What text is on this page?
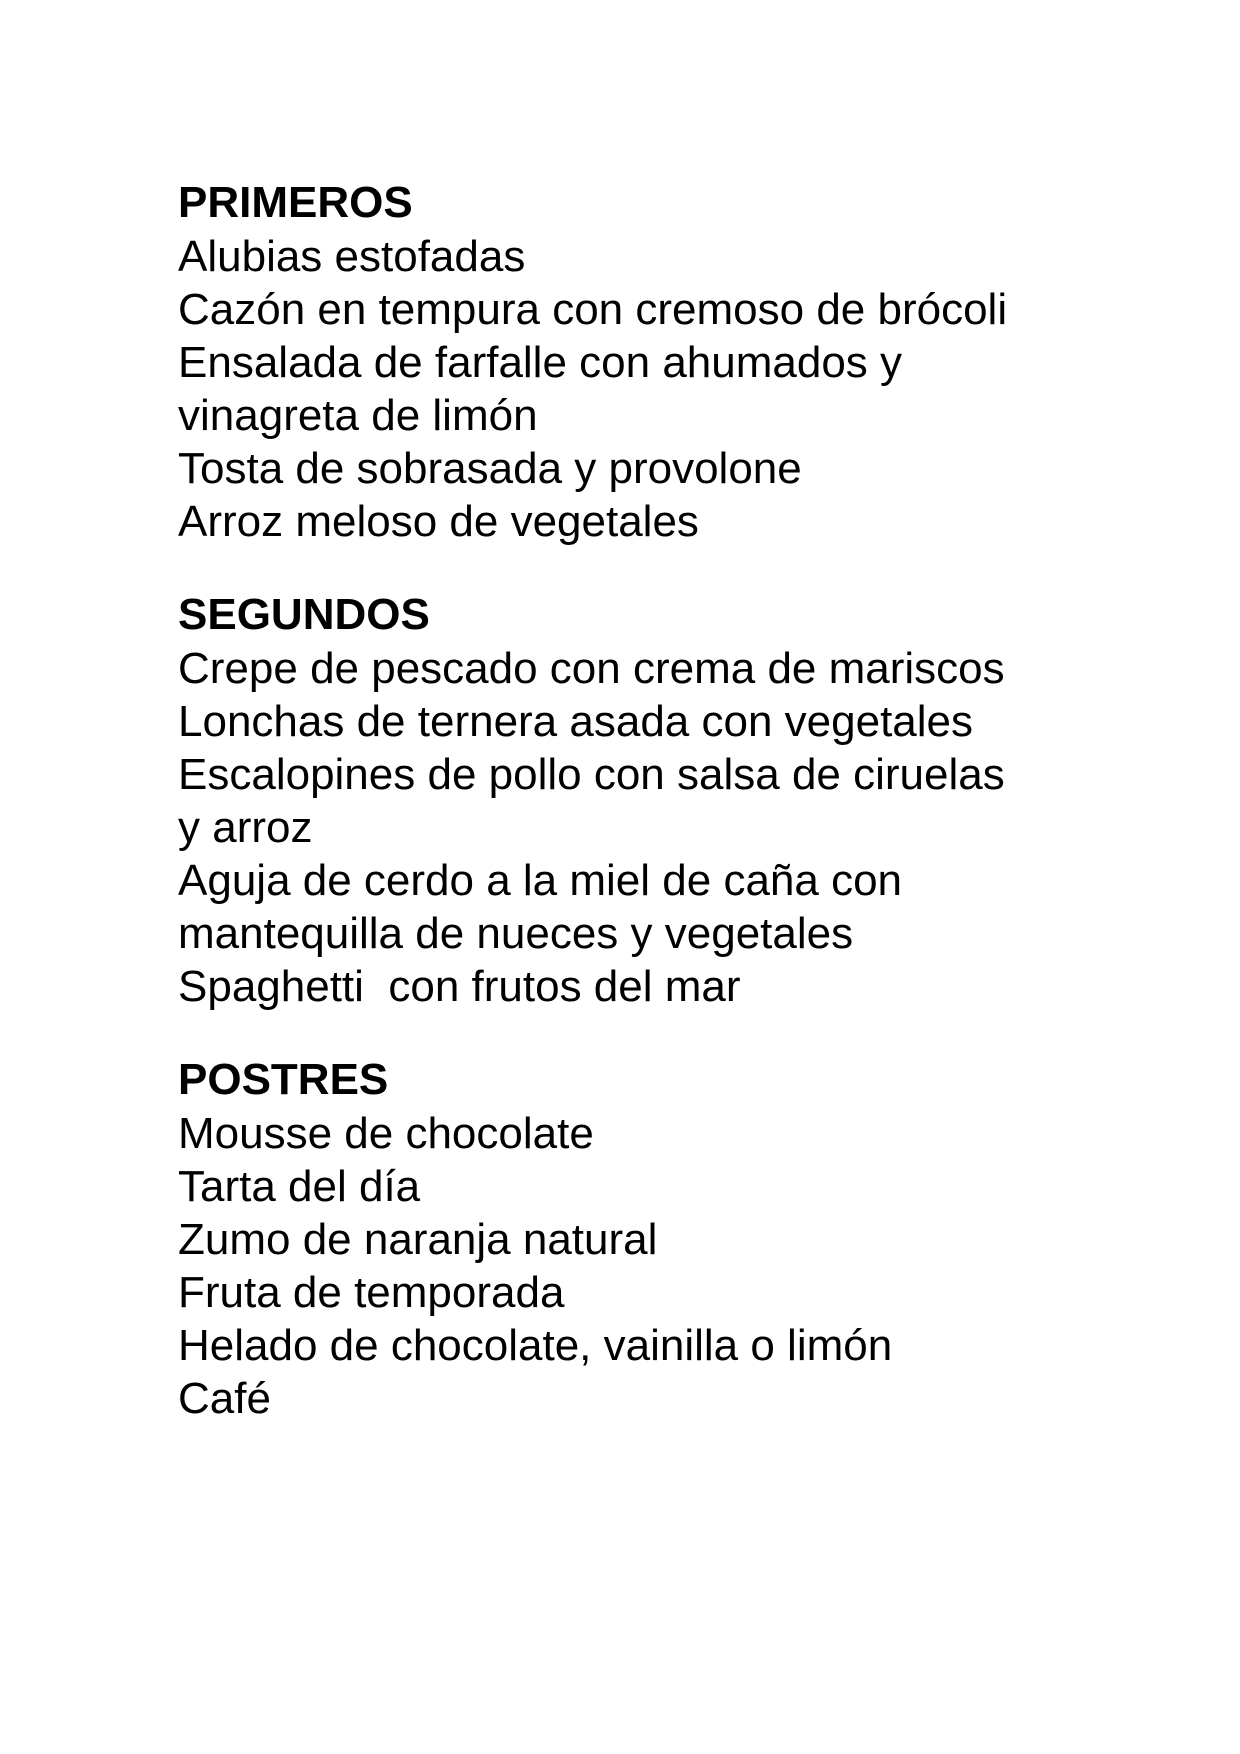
PRIMEROS

Alubias estofadas

Cazón en tempura con cremoso de brócoli

Ensalada de farfalle con ahumados y

vinagreta de limón

Tosta de sobrasada y provolone

Arroz meloso de vegetales

SEGUNDOS

Crepe de pescado con crema de mariscos

Lonchas de ternera asada con vegetales

Escalopines de pollo con salsa de ciruelas

y arroz

Aguja de cerdo a la miel de caña con

mantequilla de nueces y vegetales

Spaghetti  con frutos del mar

POSTRES

Mousse de chocolate

Tarta del día

Zumo de naranja natural

Fruta de temporada

Helado de chocolate, vainilla o limón

Café
